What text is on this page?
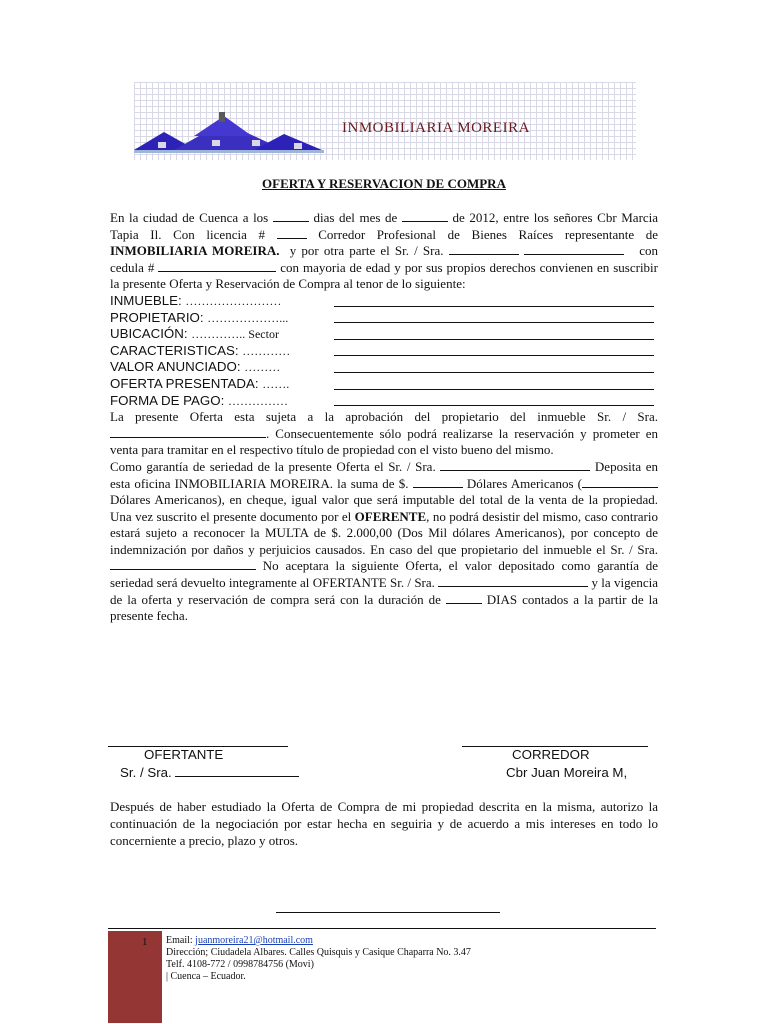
INMOBILIARIA MOREIRA
OFERTA Y RESERVACION DE COMPRA

En la ciudad de Cuenca a los	dias del mes de	de 2012, entre los señores Cbr Marcia Tapia Il. Con licencia #	Corredor Profesional de Bienes Raíces representante de INMOBILIARIA MOREIRA. y por otra parte el Sr. / Sra.	con cedula #	con mayoria de edad y por sus propios derechos convienen en suscribir la presente Oferta y Reservación de Compra al tenor de lo siguiente:

INMUEBLE: ……………………
PROPIETARIO: ………………...
UBICACIÓN: ………….. Sector
CARACTERISTICAS: …………
VALOR ANUNCIADO: ………
OFERTA PRESENTADA: …….
FORMA DE PAGO: ……………

La presente Oferta esta sujeta a la aprobación del propietario del inmueble Sr. / Sra. . Consecuentemente sólo podrá realizarse la reservación y prometer en venta para tramitar en el respectivo título de propiedad con el visto bueno del mismo.

Como garantía de seriedad de la presente Oferta el Sr. / Sra.	Deposita en esta oficina INMOBILIARIA MOREIRA. la suma de $.	Dólares Americanos ( Dólares Americanos), en cheque, igual valor que será imputable del total de la venta de la propiedad. Una vez suscrito el presente documento por el OFERENTE, no podrá desistir del mismo, caso contrario estará sujeto a reconocer la MULTA de $. 2.000,00 (Dos Mil dólares Americanos), por concepto de indemnización por daños y perjuicios causados. En caso del que propietario del inmueble el Sr. / Sra.  No aceptara la siguiente Oferta, el valor depositado como garantía de seriedad será devuelto integramente al OFERTANTE Sr. / Sra.	y la vigencia de la oferta y reservación de compra será con la duración de	DIAS contados a la partir de la presente fecha.

OFERTANTE
Sr. / Sra.
CORREDOR
Cbr Juan Moreira M,
Después de haber estudiado la Oferta de Compra de mi propiedad descrita en la misma, autorizo la continuación de la negociación por estar hecha en seguiria y de acuerdo a mis intereses en todo lo concerniente a precio, plazo y otros.
1 Email: juanmoreira21@hotmail.com
Dirección; Ciudadela Albares. Calles Quisquis y Casique Chaparra No. 3.47
Telf. 4108-772 / 0998784756 (Movi)
| Cuenca – Ecuador.
